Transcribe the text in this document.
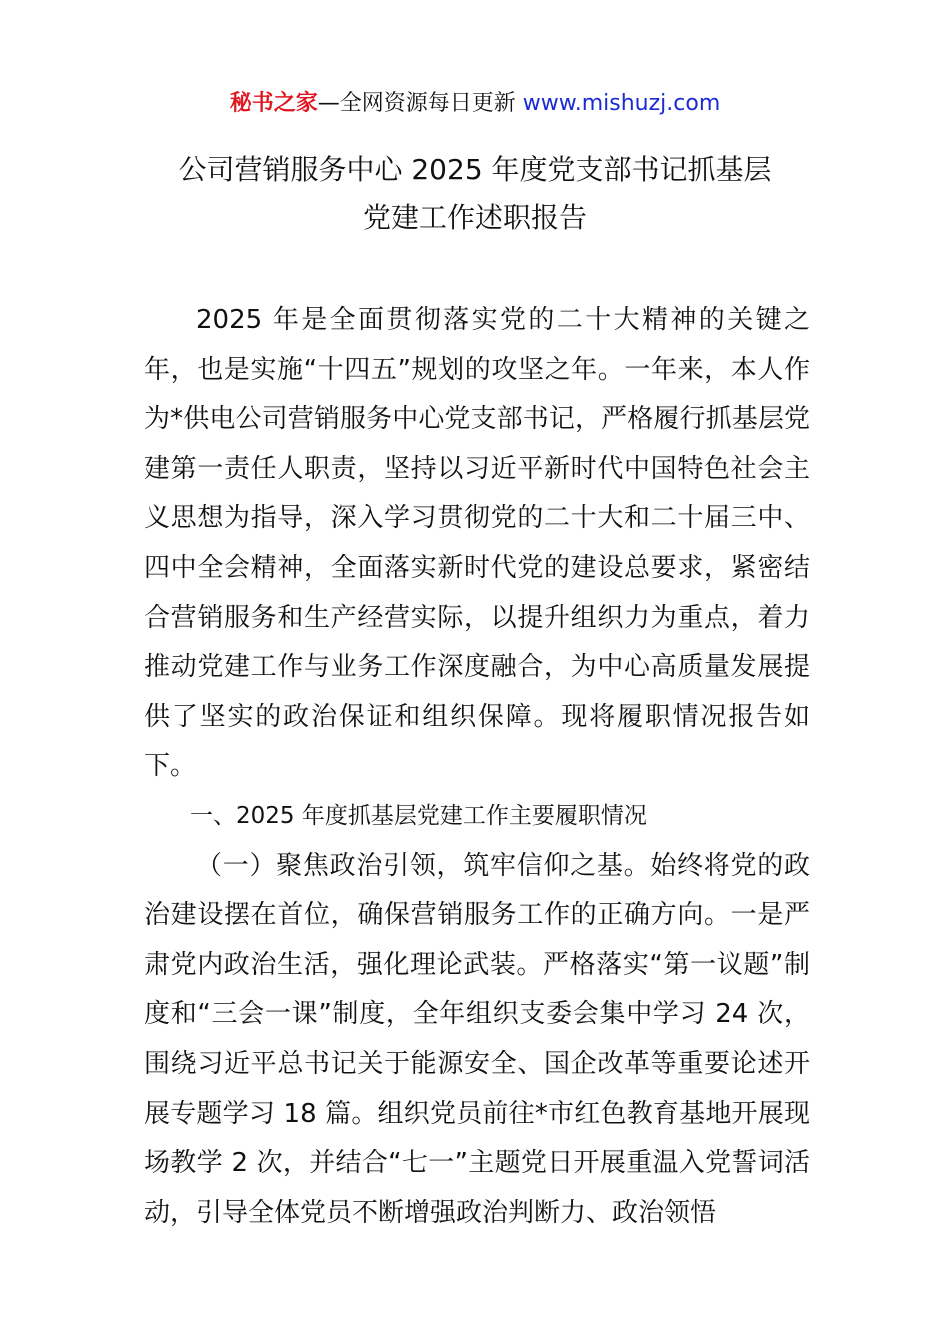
秘书之家—全网资源每日更新 www.mishuzj.com
公司营销服务中心 2025 年度党支部书记抓基层
党建工作述职报告

2025 年是全面贯彻落实党的二十大精神的关键之年，也是实施“十四五”规划的攻坚之年。一年来，本人作为*供电公司营销服务中心党支部书记，严格履行抓基层党建第一责任人职责，坚持以习近平新时代中国特色社会主义思想为指导，深入学习贯彻党的二十大和二十届三中、四中全会精神，全面落实新时代党的建设总要求，紧密结合营销服务和生产经营实际，以提升组织力为重点，着力推动党建工作与业务工作深度融合，为中心高质量发展提供了坚实的政治保证和组织保障。现将履职情况报告如下。

一、2025 年度抓基层党建工作主要履职情况

（一）聚焦政治引领，筑牢信仰之基。始终将党的政治建设摆在首位，确保营销服务工作的正确方向。一是严肃党内政治生活，强化理论武装。严格落实“第一议题”制度和“三会一课”制度，全年组织支委会集中学习 24 次，围绕习近平总书记关于能源安全、国企改革等重要论述开展专题学习 18 篇。组织党员前往*市红色教育基地开展现场教学 2 次，并结合“七一”主题党日开展重温入党誓词活动，引导全体党员不断增强政治判断力、政治领悟
